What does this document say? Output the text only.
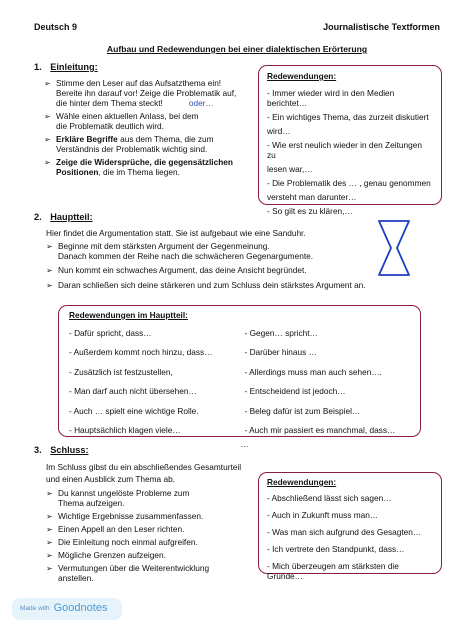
Deutsch 9	Journalistische Textformen
Aufbau und Redewendungen bei einer dialektischen Erörterung
1. Einleitung:
➢ Stimme den Leser auf das Aufsatzthema ein!
Bereite ihn darauf vor! Zeige die Problematik auf,
die hinter dem Thema steckt!	oder…
➢ Wähle einen aktuellen Anlass, bei dem
die Problematik deutlich wird.
➢ Erkläre Begriffe aus dem Thema, die zum
Verständnis der Problematik wichtig sind.
➢ Zeige die Widersprüche, die gegensätzlichen
Positionen, die im Thema liegen.
Redewendungen:
- Immer wieder wird in den Medien berichtet…
- Ein wichtiges Thema, das zurzeit diskutiert
wird…
- Wie erst neulich wieder in den Zeitungen zu
lesen war,…
- Die Problematik des … , genau genommen
versteht man darunter…
- So gilt es zu klären,…
2. Hauptteil:
Hier findet die Argumentation statt. Sie ist aufgebaut wie eine Sanduhr.
➢ Beginne mit dem stärksten Argument der Gegenmeinung.
Danach kommen der Reihe nach die schwächeren Gegenargumente.
➢ Nun kommt ein schwaches Argument, das deine Ansicht begründet.
➢ Daran schließen sich deine stärkeren und zum Schluss dein stärkstes Argument an.
Redewendungen im Hauptteil:
- Dafür spricht, dass…
- Außerdem kommt noch hinzu, dass…
- Zusätzlich ist festzustellen,
- Man darf auch nicht übersehen…
- Auch … spielt eine wichtige Rolle.
- Hauptsächlich klagen viele…
- Gegen… spricht…
- Darüber hinaus …
- Allerdings muss man auch sehen….
- Entscheidend ist jedoch…
- Beleg dafür ist zum Beispiel…
- Auch mir passiert es manchmal, dass…
…
3. Schluss:
Im Schluss gibst du ein abschließendes Gesamturteil
und einen Ausblick zum Thema ab.
➢ Du kannst ungelöste Probleme zum
Thema aufzeigen.
➢ Wichtige Ergebnisse zusammenfassen.
➢ Einen Appell an den Leser richten.
➢ Die Einleitung noch einmal aufgreifen.
➢ Mögliche Grenzen aufzeigen.
➢ Vermutungen über die Weiterentwicklung
anstellen.
Redewendungen:
- Abschließend lässt sich sagen…
- Auch in Zukunft muss man…
- Was man sich aufgrund des Gesagten…
- Ich vertrete den Standpunkt, dass…
- Mich überzeugen am stärksten die Gründe…
Made with Goodnotes
